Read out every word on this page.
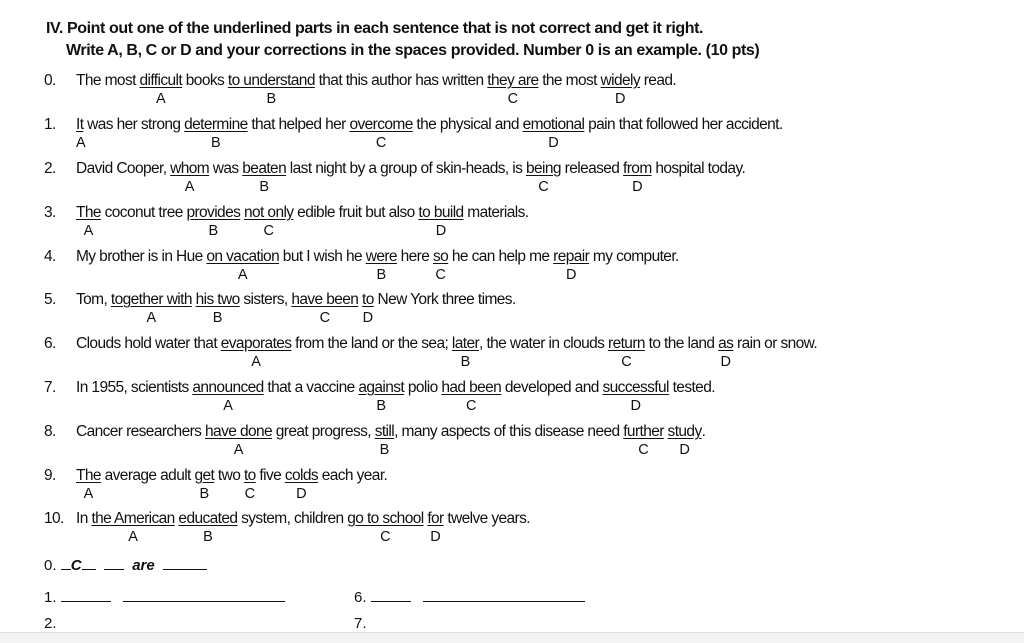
IV. Point out one of the underlined parts in each sentence that is not correct and get it right.
Write A, B, C or D and your corrections in the spaces provided. Number 0 is an example. (10 pts)
0. The most difficult
A
books to understand
B
that this author has written they are
C
the most widely
D
read.
1. $\frac{It}{A}$ was her strong determine
B
that helped her overcome
C
the physical and emotional
D
pain that followed her accident.
2. David Cooper, whom
A
was beaten
B
last night by a group of skin-heads, is being
C
released from
D
hospital today.
3. The
A
coconut tree provides
B
not only
C
edible fruit but also to build
D
materials.
4. My brother is in Hue on vacation
A
but I wish he were
B
here $\frac{so}{C}$ he can help me repair
D
my computer.
5. Tom, together with
A
his two
B
sisters, have been
C
$\frac{to}{D}$ New York three times.
6. Clouds hold water that evaporates
A
from the land or the sea; later
B
, the water in clouds return
C
to the land $\frac{as}{D}$ rain or snow.
7. In 1955, scientists announced
A
that a vaccine against
B
polio had been
C
developed and successful
D
tested.
8. Cancer researchers have done
A
great progress, still
B
, many aspects of this disease need further
C
study
D
.
9. The
A
average adult get
B
two $\frac{to}{C}$ five colds
D
each year.
10. In the American
A
educated
B
system, children go to school
C
for
D
twelve years.
0. C	are
1.	6.
2.	7.
